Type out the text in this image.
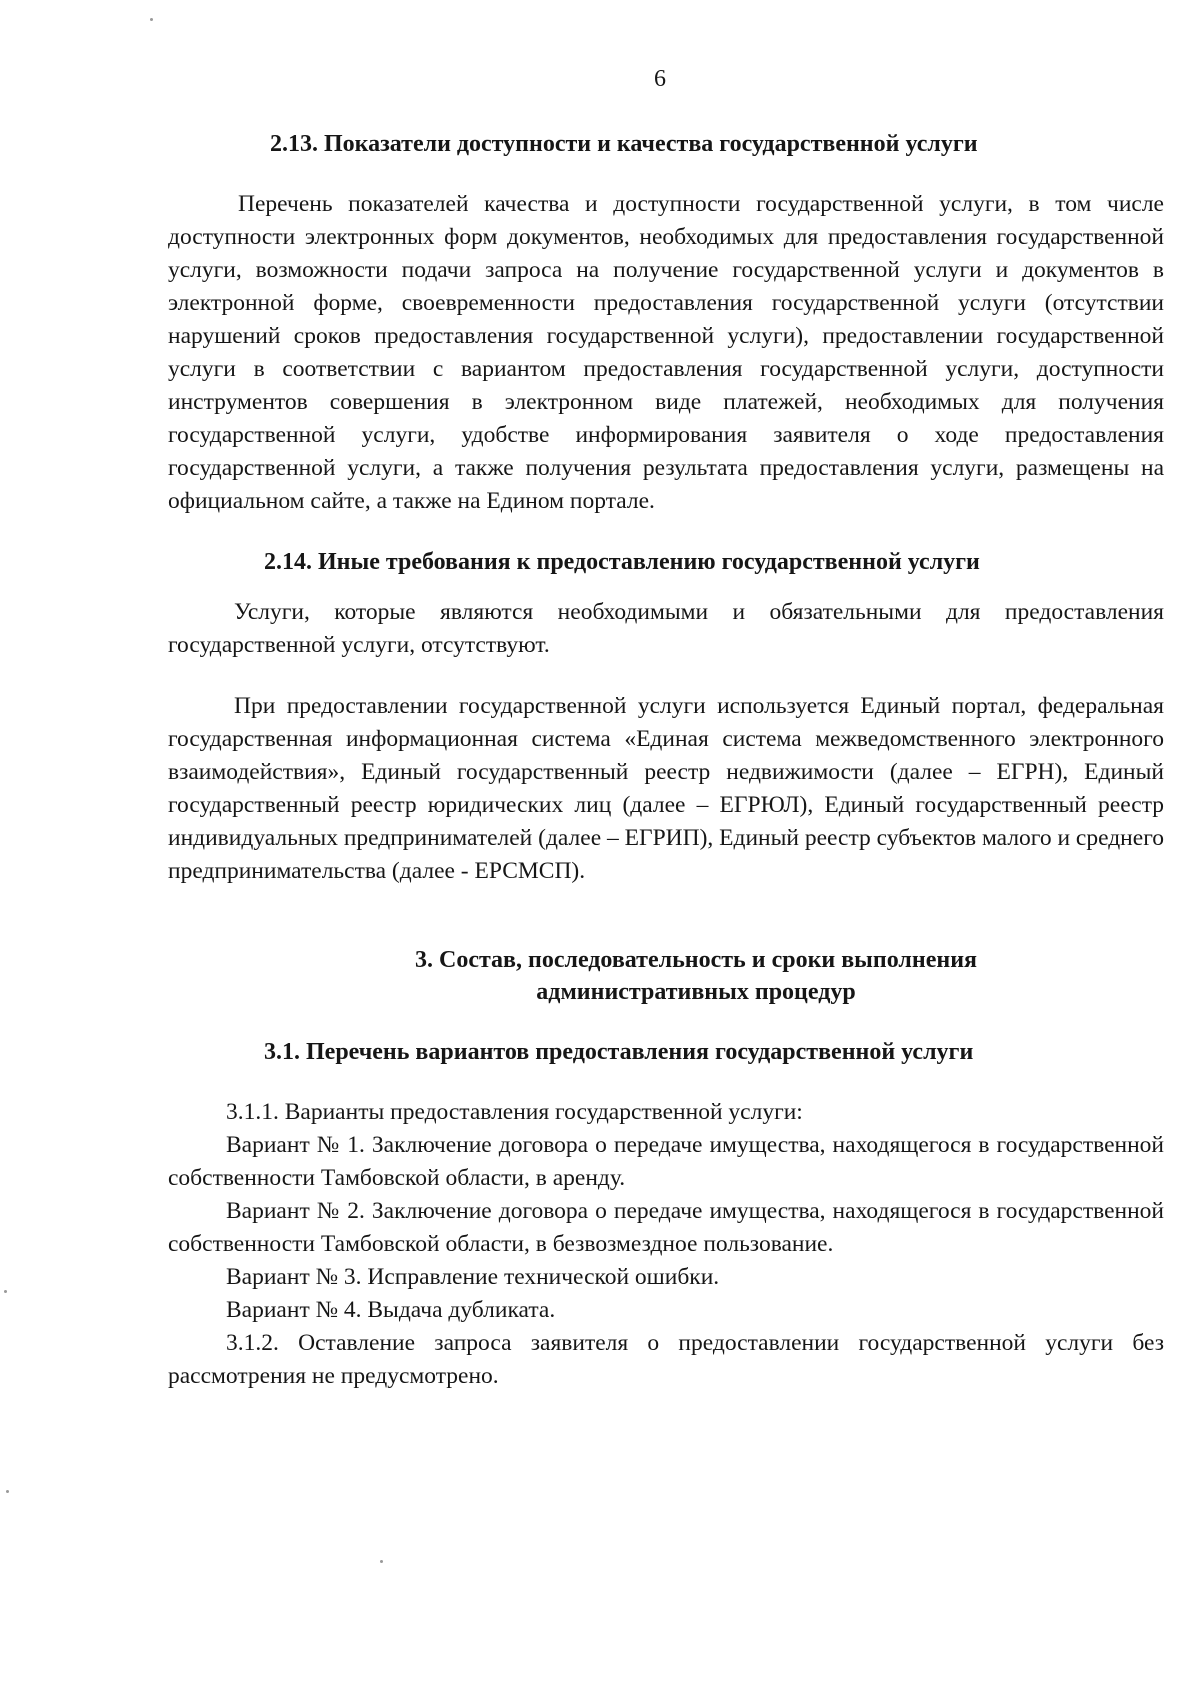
6

2.13. Показатели доступности и качества государственной услуги

Перечень показателей качества и доступности государственной услуги, в том числе доступности электронных форм документов, необходимых для предоставления государственной услуги, возможности подачи запроса на получение государственной услуги и документов в электронной форме, своевременности предоставления государственной услуги (отсутствии нарушений сроков предоставления государственной услуги), предоставлении государственной услуги в соответствии с вариантом предоставления государственной услуги, доступности инструментов совершения в электронном виде платежей, необходимых для получения государственной услуги, удобстве информирования заявителя о ходе предоставления государственной услуги, а также получения результата предоставления услуги, размещены на официальном сайте, а также на Едином портале.

2.14. Иные требования к предоставлению государственной услуги

Услуги, которые являются необходимыми и обязательными для предоставления государственной услуги, отсутствуют.

При предоставлении государственной услуги используется Единый портал, федеральная государственная информационная система «Единая система межведомственного электронного взаимодействия», Единый государственный реестр недвижимости (далее – ЕГРН), Единый государственный реестр юридических лиц (далее – ЕГРЮЛ), Единый государственный реестр индивидуальных предпринимателей (далее – ЕГРИП), Единый реестр субъектов малого и среднего предпринимательства (далее - ЕРСМСП).

3. Состав, последовательность и сроки выполнения

административных процедур

3.1. Перечень вариантов предоставления государственной услуги

3.1.1. Варианты предоставления государственной услуги:

Вариант № 1. Заключение договора о передаче имущества, находящегося в государственной собственности Тамбовской области, в аренду.

Вариант № 2. Заключение договора о передаче имущества, находящегося в государственной собственности Тамбовской области, в безвозмездное пользование.

Вариант № 3. Исправление технической ошибки.

Вариант № 4. Выдача дубликата.

3.1.2. Оставление запроса заявителя о предоставлении государственной услуги без рассмотрения не предусмотрено.
